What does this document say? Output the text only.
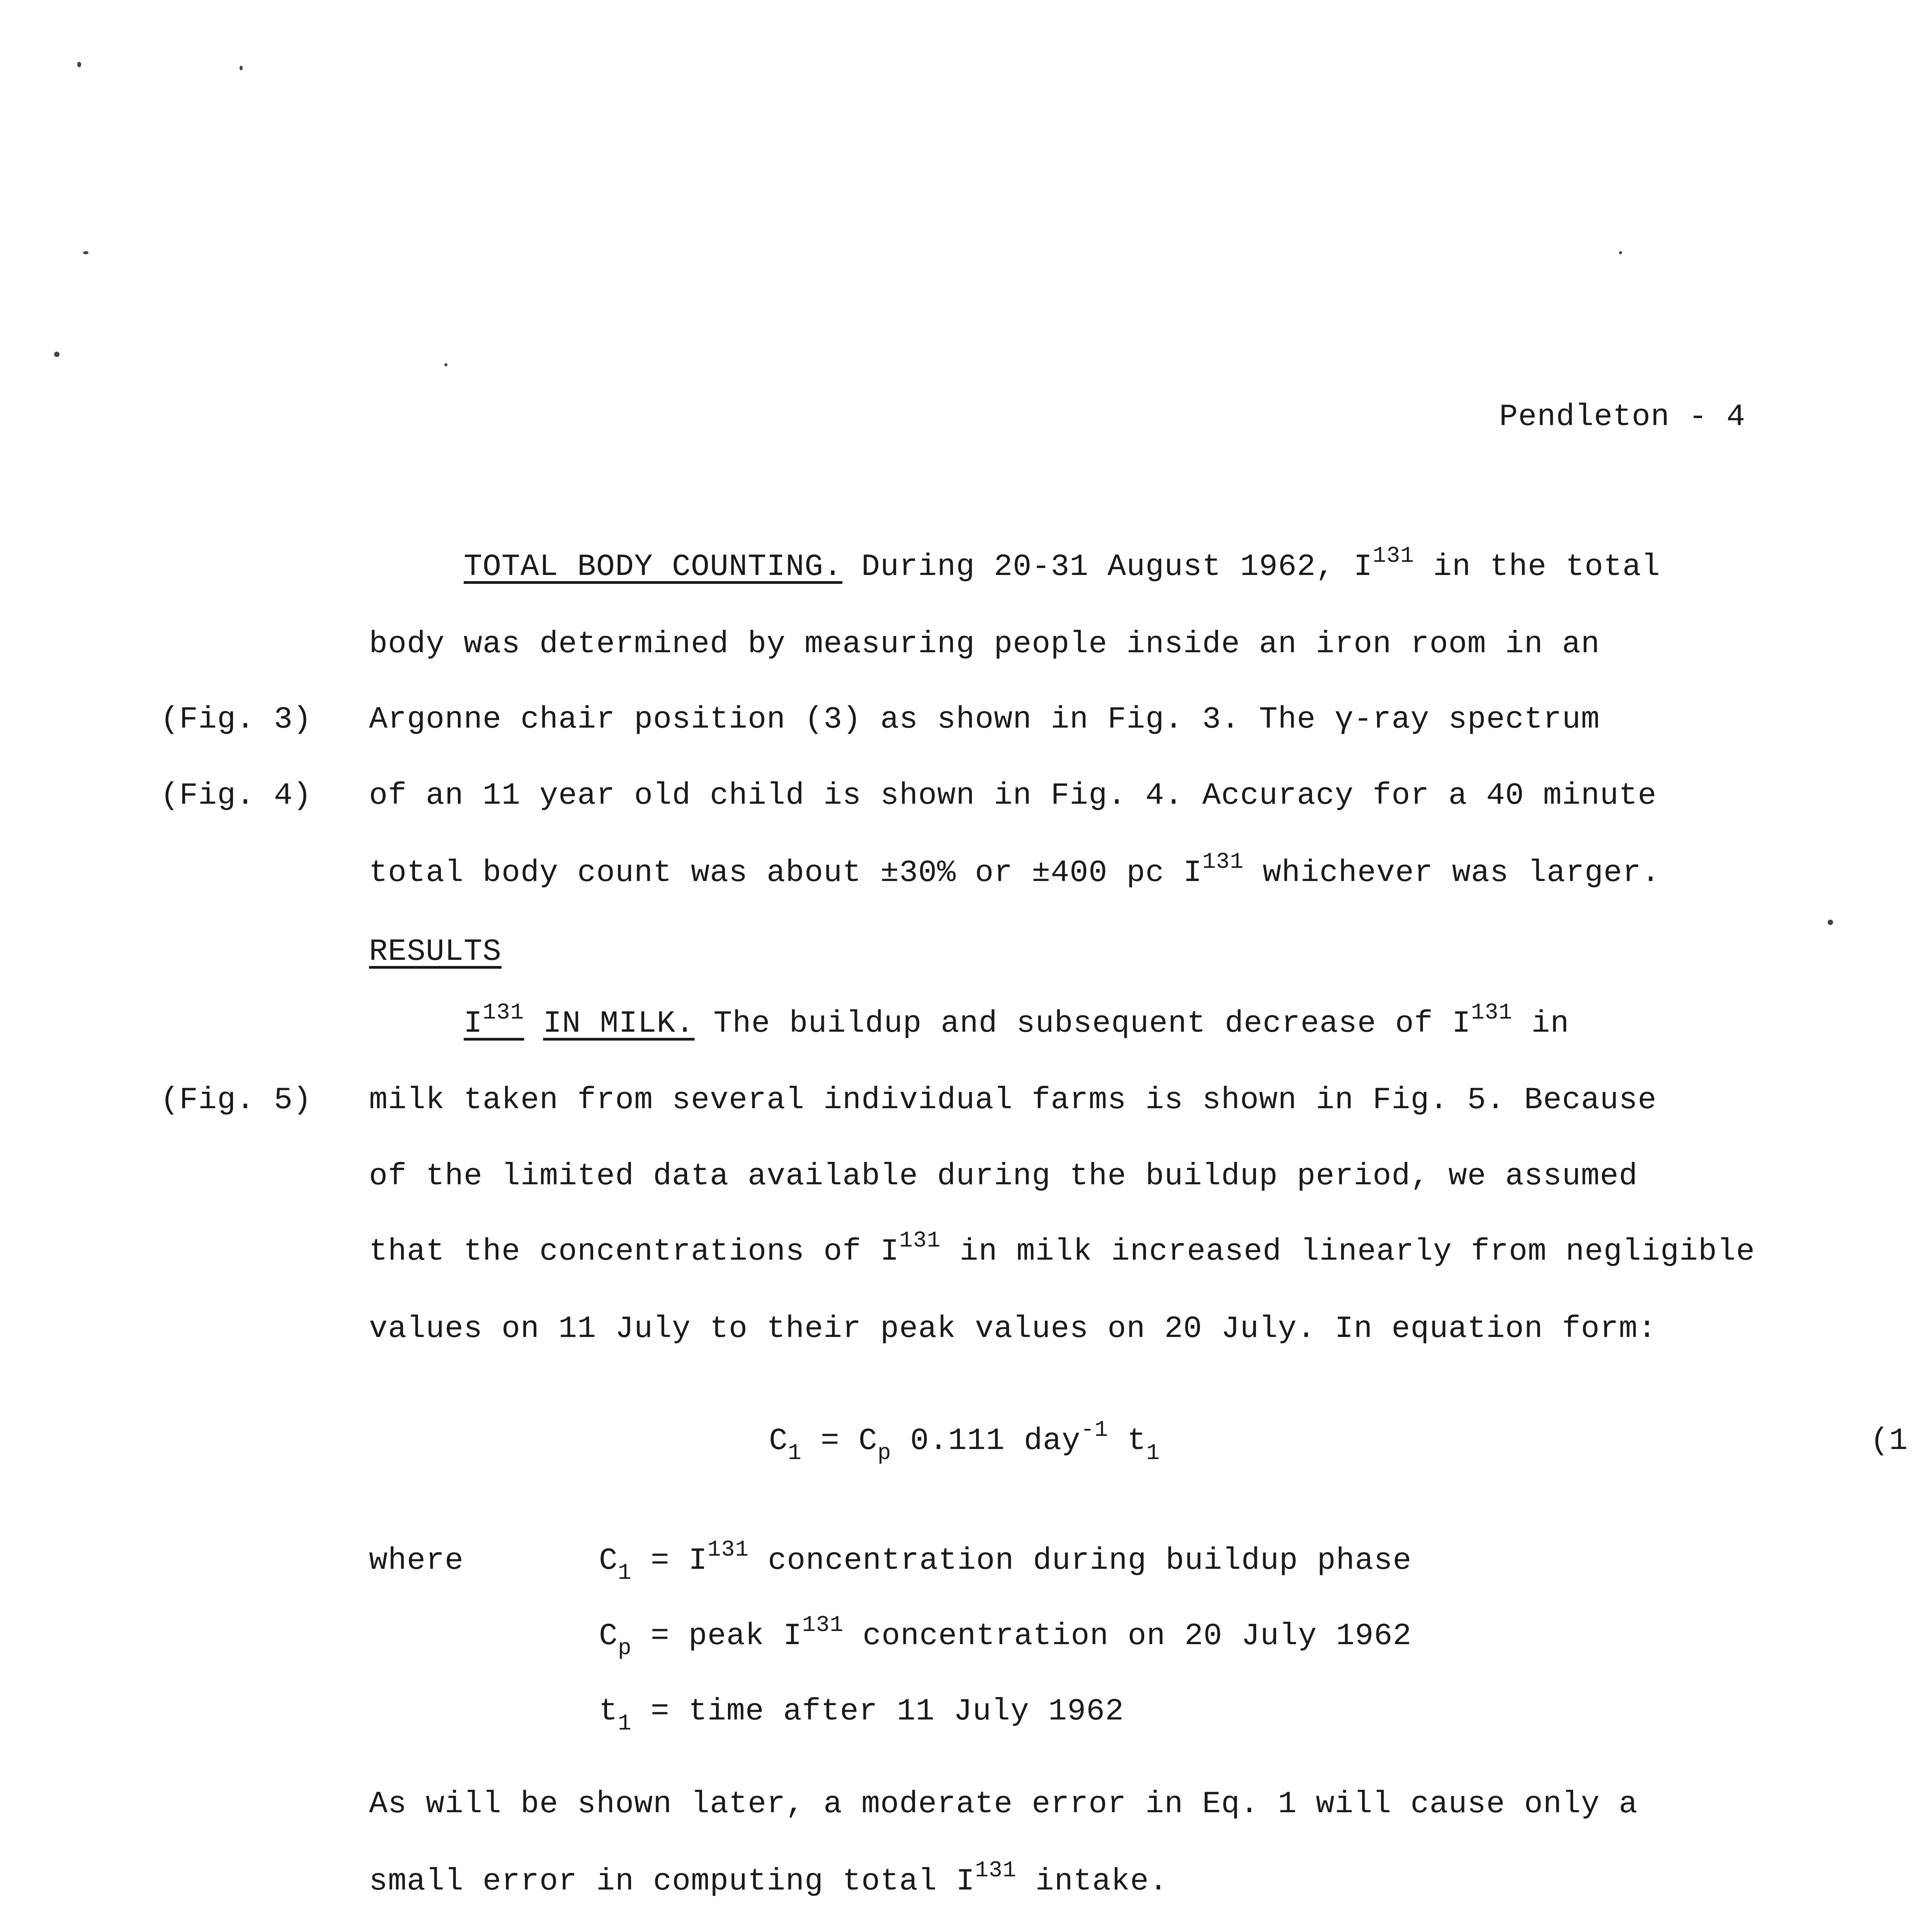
Pendleton - 4
TOTAL BODY COUNTING. During 20-31 August 1962, $I^{131}$ in the total
body was determined by measuring people inside an iron room in an
(Fig. 3) Argonne chair position (3) as shown in Fig. 3. The γ-ray spectrum
(Fig. 4) of an 11 year old child is shown in Fig. 4. Accuracy for a 40 minute
total body count was about ±30% or ±400 pc $I^{131}$ whichever was larger.
RESULTS
$I^{131}$ IN MILK. The buildup and subsequent decrease of $I^{131}$ in
(Fig. 5) milk taken from several individual farms is shown in Fig. 5. Because
of the limited data available during the buildup period, we assumed
that the concentrations of $I^{131}$ in milk increased linearly from negligible
values on 11 July to their peak values on 20 July. In equation form:
$C_1 = C_p$ 0.111 day$^{-1}$ $t_1$	(1
where	$C_1 = I^{131}$ concentration during buildup phase
$C_p$ = peak $I^{131}$ concentration on 20 July 1962
$t_1$ = time after 11 July 1962
As will be shown later, a moderate error in Eq. 1 will cause only a
small error in computing total $I^{131}$ intake.
